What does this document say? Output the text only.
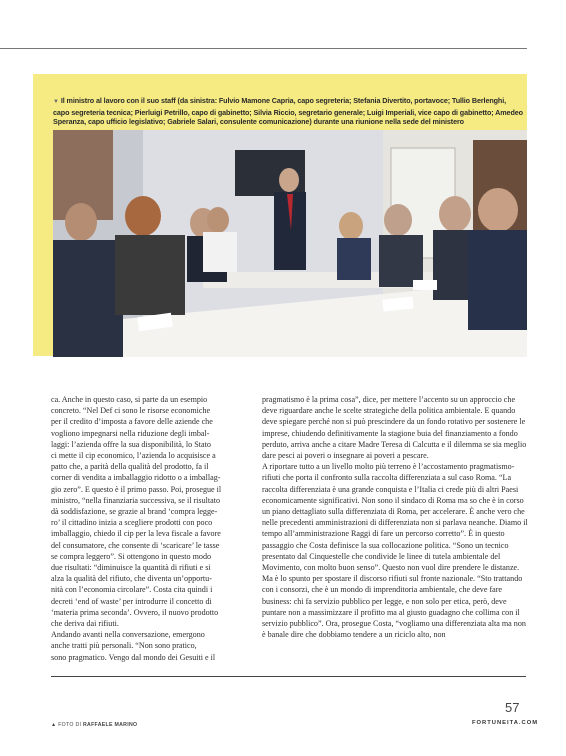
▼ Il ministro al lavoro con il suo staff (da sinistra: Fulvio Mamone Capria, capo segreteria; Stefania Divertito, portavoce; Tullio Berlenghi, capo segreteria tecnica; Pierluigi Petrillo, capo di gabinetto; Silvia Riccio, segretario generale; Luigi Imperiali, vice capo di gabinetto; Amedeo Speranza, capo ufficio legislativo; Gabriele Salari, consulente comunicazione) durante una riunione nella sede del ministero
ca. Anche in questo caso, si parte da un esempio
concreto. “Nel Def ci sono le risorse economiche
per il credito d’imposta a favore delle aziende che
vogliono impegnarsi nella riduzione degli imbal-
laggi: l’azienda offre la sua disponibilità, lo Stato
ci mette il cip economico, l’azienda lo acquisisce a
patto che, a parità della qualità del prodotto, fa il
corner di vendita a imballaggio ridotto o a imballag-
gio zero”. E questo è il primo passo. Poi, prosegue il
ministro, “nella finanziaria successiva, se il risultato
dà soddisfazione, se grazie al brand ‘compra legge-
ro’ il cittadino inizia a scegliere prodotti con poco
imballaggio, chiedo il cip per la leva fiscale a favore
del consumatore, che consente di ‘scaricare’ le tasse
se compra leggero”. Si ottengono in questo modo
due risultati: “diminuisce la quantità di rifiuti e si
alza la qualità del rifiuto, che diventa un’opportu-
nità con l’economia circolare”. Costa cita quindi i
decreti ‘end of waste’ per introdurre il concetto di
‘materia prima seconda’. Ovvero, il nuovo prodotto
che deriva dai rifiuti.
Andando avanti nella conversazione, emergono
anche tratti più personali. “Non sono pratico,
sono pragmatico. Vengo dal mondo dei Gesuiti e il

pragmatismo è la prima cosa”, dice, per mettere l’accento su un approccio che deve riguardare anche le scelte strategiche della politica ambientale. E quando deve spiegare perché non si può prescindere da un fondo rotativo per sostenere le imprese, chiudendo definitivamente la stagione buia del finanziamento a fondo perduto, arriva anche a citare Madre Teresa di Calcutta e il dilemma se sia meglio dare pesci ai poveri o insegnare ai poveri a pescare.

A riportare tutto a un livello molto più terreno è l’accostamento pragmatismo-rifiuti che porta il confronto sulla raccolta differenziata a sul caso Roma. “La raccolta differenziata è una grande conquista e l’Italia ci crede più di altri Paesi economicamente significativi. Non sono il sindaco di Roma ma so che è in corso un piano dettagliato sulla differenziata di Roma, per accelerare. È anche vero che nelle precedenti amministrazioni di differenziata non si parlava neanche. Diamo il tempo all’amministrazione Raggi di fare un percorso corretto”. È in questo passaggio che Costa definisce la sua collocazione politica. “Sono un tecnico presentato dal Cinquestelle che condivide le linee di tutela ambientale del Movimento, con molto buon senso”. Questo non vuol dire prendere le distanze. Ma è lo spunto per spostare il discorso rifiuti sul fronte nazionale. “Sto trattando con i consorzi, che è un mondo di imprenditoria ambientale, che deve fare business: chi fa servizio pubblico per legge, e non solo per etica, però, deve puntare non a massimizzare il profitto ma al giusto guadagno che collima con il servizio pubblico”. Ora, prosegue Costa, “vogliamo una differenziata alta ma non è banale dire che dobbiamo tendere a un riciclo alto, non

57
▲ FOTO DI RAFFAELE MARINO	FORTUNEITA.COM
